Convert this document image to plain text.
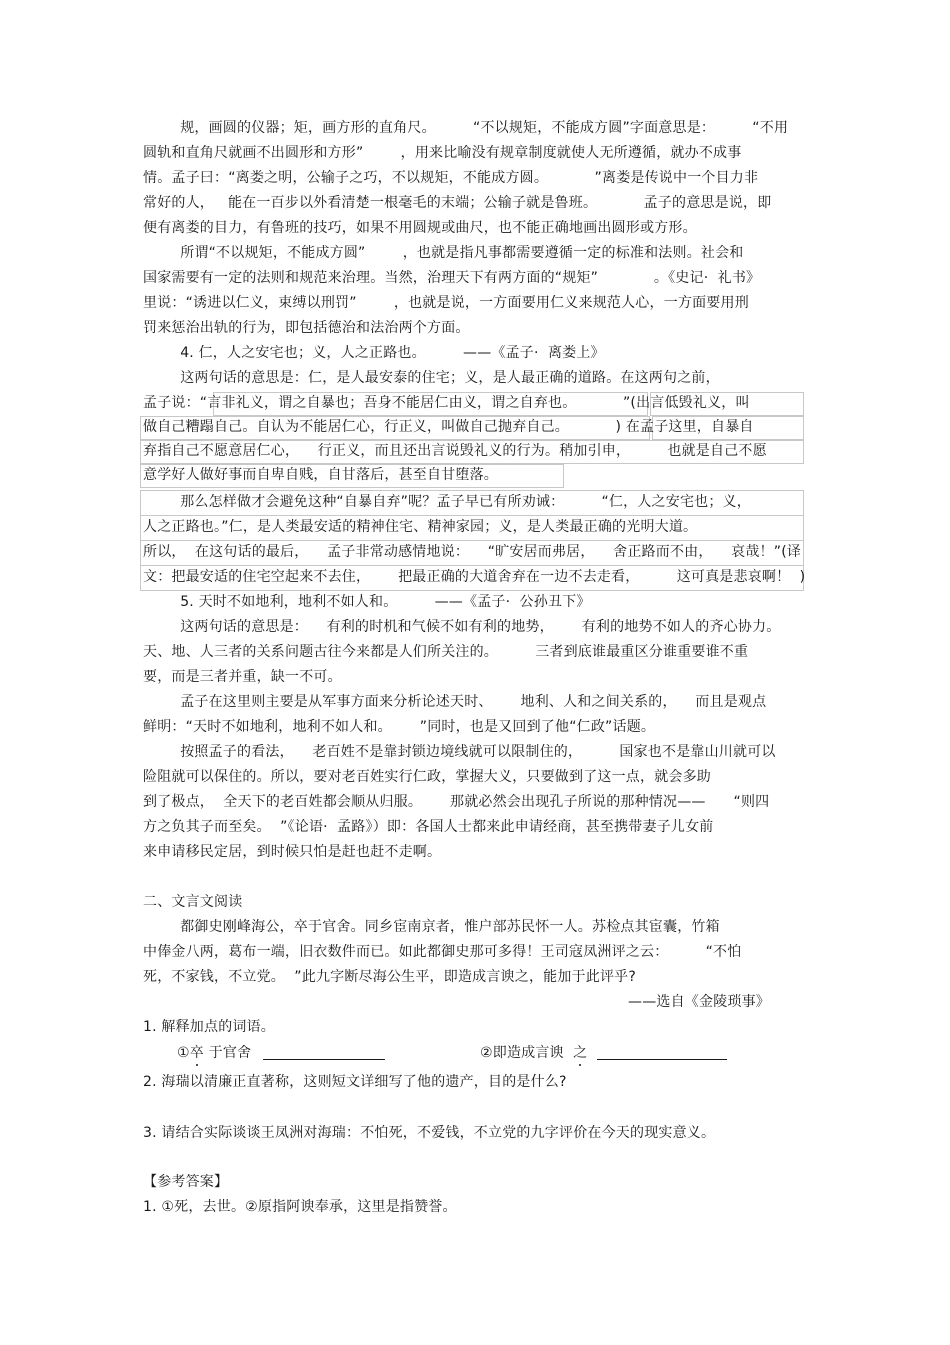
规，画圆的仪器；矩，画方形的直角尺。        “不以规矩，不能成方圆”字面意思是：        “不用
圆轨和直角尺就画不出圆形和方形”        ，用来比喻没有规章制度就使人无所遵循，就办不成事
情。孟子曰：“离娄之明，公输子之巧，不以规矩，不能成方圆。          ”离娄是传说中一个目力非
常好的人，   能在一百步以外看清楚一根毫毛的末端；公输子就是鲁班。          孟子的意思是说，即
便有离娄的目力，有鲁班的技巧，如果不用圆规或曲尺，也不能正确地画出圆形或方形。
所谓“不以规矩，不能成方圆”        ，也就是指凡事都需要遵循一定的标准和法则。社会和
国家需要有一定的法则和规范来治理。当然，治理天下有两方面的“规矩”            。《史记·  礼书》
里说：“诱进以仁义，束缚以刑罚”        ，也就是说，一方面要用仁义来规范人心，一方面要用刑
罚来惩治出轨的行为，即包括德治和法治两个方面。
4. 仁，人之安宅也；义，人之正路也。        ——《孟子·  离娄上》
这两句话的意思是：仁，是人最安泰的住宅；义，是人最正确的道路。在这两句之前，
孟子说：“言非礼义，谓之自暴也；吾身不能居仁由义，谓之自弃也。          ”(出言低毁礼义，叫
做自己糟蹋自己。自认为不能居仁心，行正义，叫做自己抛弃自己。          ) 在孟子这里，自暴自
弃指自己不愿意居仁心，    行正义，而且还出言说毁礼义的行为。稍加引申，        也就是自己不愿
意学好人做好事而自卑自贱，自甘落后，甚至自甘堕落。
那么怎样做才会避免这种“自暴自弃”呢？孟子早已有所劝诫：        “仁，人之安宅也；义，
人之正路也。”仁，是人类最安适的精神住宅、精神家园；义，是人类最正确的光明大道。
所以，  在这句话的最后，    孟子非常动感情地说：    “旷安居而弗居，    舍正路而不由，    哀哉！”(译
文：把最安适的住宅空起来不去住，      把最正确的大道舍弃在一边不去走看，        这可真是悲哀啊！  )
5. 天时不如地利，地利不如人和。        ——《孟子·  公孙丑下》
这两句话的意思是：    有利的时机和气候不如有利的地势，      有利的地势不如人的齐心协力。
天、地、人三者的关系问题古往今来都是人们所关注的。        三者到底谁最重区分谁重要谁不重
要，而是三者并重，缺一不可。
孟子在这里则主要是从军事方面来分析论述天时、      地利、人和之间关系的，    而且是观点
鲜明：“天时不如地利，地利不如人和。      ”同时，也是又回到了他“仁政”话题。
按照孟子的看法，    老百姓不是靠封锁边境线就可以限制住的，        国家也不是靠山川就可以
险阻就可以保住的。所以，要对老百姓实行仁政，掌握大义，只要做到了这一点，就会多助
到了极点，  全天下的老百姓都会顺从归服。      那就必然会出现孔子所说的那种情况——      “则四
方之负其子而至矣。  ”《论语·  孟路》）即：各国人士都来此申请经商，甚至携带妻子儿女前
来申请移民定居，到时候只怕是赶也赶不走啊。
二、文言文阅读
都御史刚峰海公，卒于官舍。同乡宦南京者，惟户部苏民怀一人。苏检点其宦囊，竹箱
中俸金八两，葛布一端，旧衣数件而已。如此都御史那可多得！王司寇凤洲评之云：        “不怕
死，不家钱，不立党。  ”此九字断尽海公生平，即造成言谀之，能加于此评乎?
——选自《金陵琐事》
1. 解释加点的词语。
①卒 于官舍	②即造成言谀  之
2. 海瑞以清廉正直著称，这则短文详细写了他的遗产，目的是什么?
3. 请结合实际谈谈王凤洲对海瑞：不怕死，不爱钱，不立党的九字评价在今天的现实意义。
【参考答案】
1. ①死，去世。②原指阿谀奉承，这里是指赞誉。
